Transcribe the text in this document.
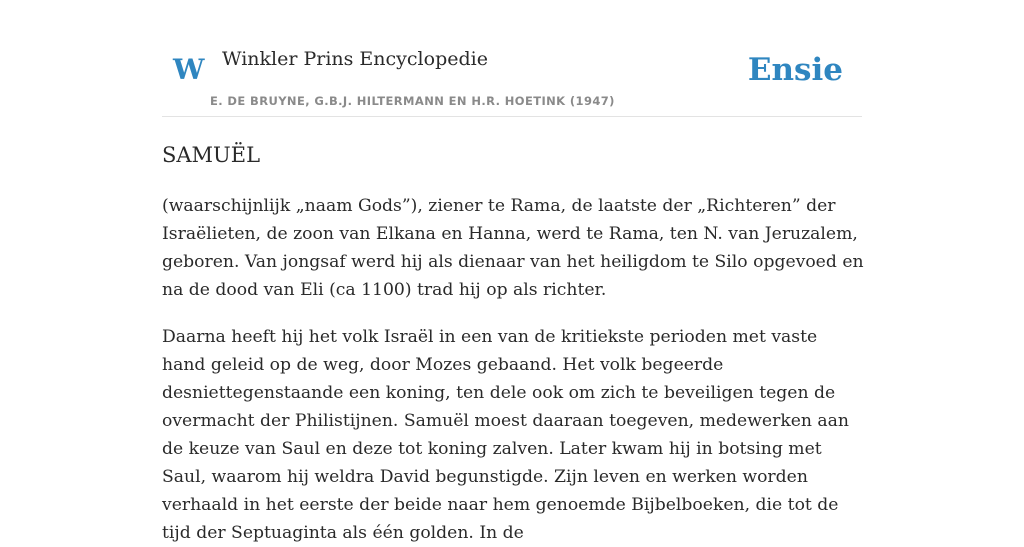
W Winkler Prins Encyclopedie
E. DE BRUYNE, G.B.J. HILTERMANN EN H.R. HOETINK (1947)
Ensie
SAMUËL

(waarschijnlijk „naam Gods”), ziener te Rama, de laatste der „Richteren” der Israëlieten, de zoon van Elkana en Hanna, werd te Rama, ten N. van Jeruzalem, geboren. Van jongsaf werd hij als dienaar van het heiligdom te Silo opgevoed en na de dood van Eli (ca 1100) trad hij op als richter.

Daarna heeft hij het volk Israël in een van de kritiekste perioden met vaste hand geleid op de weg, door Mozes gebaand. Het volk begeerde desniettegenstaande een koning, ten dele ook om zich te beveiligen tegen de overmacht der Philistijnen. Samuël moest daaraan toegeven, medewerken aan de keuze van Saul en deze tot koning zalven. Later kwam hij in botsing met Saul, waarom hij weldra David begunstigde. Zijn leven en werken worden verhaald in het eerste der beide naar hem genoemde Bijbelboeken, die tot de tijd der Septuaginta als één golden. In de
